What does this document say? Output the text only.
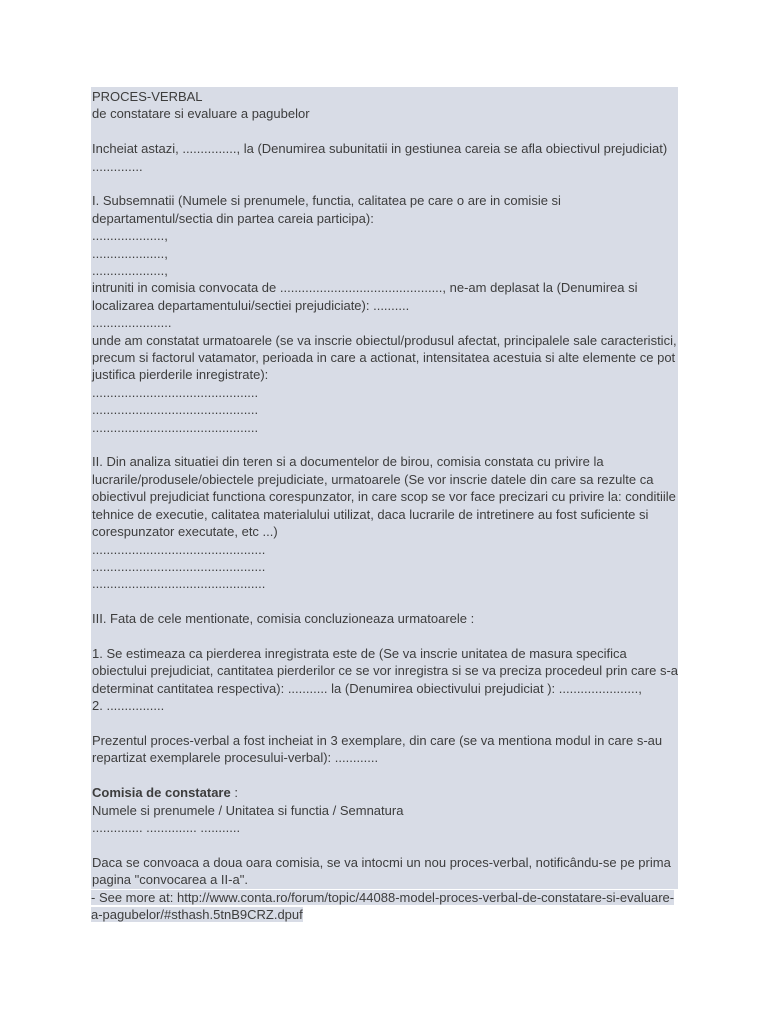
PROCES-VERBAL

de constatare si evaluare a pagubelor

Incheiat astazi, ..............., la (Denumirea subunitatii in gestiunea careia se afla obiectivul prejudiciat) ..............

I. Subsemnatii (Numele si prenumele, functia, calitatea pe care o are in comisie si departamentul/sectia din partea careia participa):

....................,

....................,

....................,

intruniti in comisia convocata de ............................................., ne-am deplasat la (Denumirea si localizarea departamentului/sectiei prejudiciate): ..........

......................

unde am constatat urmatoarele (se va inscrie obiectul/produsul afectat, principalele sale caracteristici, precum si factorul vatamator, perioada in care a actionat, intensitatea acestuia si alte elemente ce pot justifica pierderile inregistrate):

..............................................

..............................................

..............................................

II. Din analiza situatiei din teren si a documentelor de birou, comisia constata cu privire la lucrarile/produsele/obiectele prejudiciate, urmatoarele (Se vor inscrie datele din care sa rezulte ca obiectivul prejudiciat functiona corespunzator, in care scop se vor face precizari cu privire la: conditiile tehnice de executie, calitatea materialului utilizat, daca lucrarile de intretinere au fost suficiente si corespunzator executate, etc ...)

................................................

................................................

................................................

III. Fata de cele mentionate, comisia concluzioneaza urmatoarele :

1. Se estimeaza ca pierderea inregistrata este de (Se va inscrie unitatea de masura specifica obiectului prejudiciat, cantitatea pierderilor ce se vor inregistra si se va preciza procedeul prin care s-a determinat cantitatea respectiva): ........... la (Denumirea obiectivului prejudiciat ): ......................,

2. ................

Prezentul proces-verbal a fost incheiat in 3 exemplare, din care (se va mentiona modul in care s-au repartizat exemplarele procesului-verbal): ............

Comisia de constatare :

Numele si prenumele / Unitatea si functia / Semnatura

.............. .............. ...........

Daca se convoaca a doua oara comisia, se va intocmi un nou proces-verbal, notificându-se pe prima pagina "convocarea a II-a".

- See more at: http://www.conta.ro/forum/topic/44088-model-proces-verbal-de-constatare-si-evaluare-a-pagubelor/#sthash.5tnB9CRZ.dpuf
